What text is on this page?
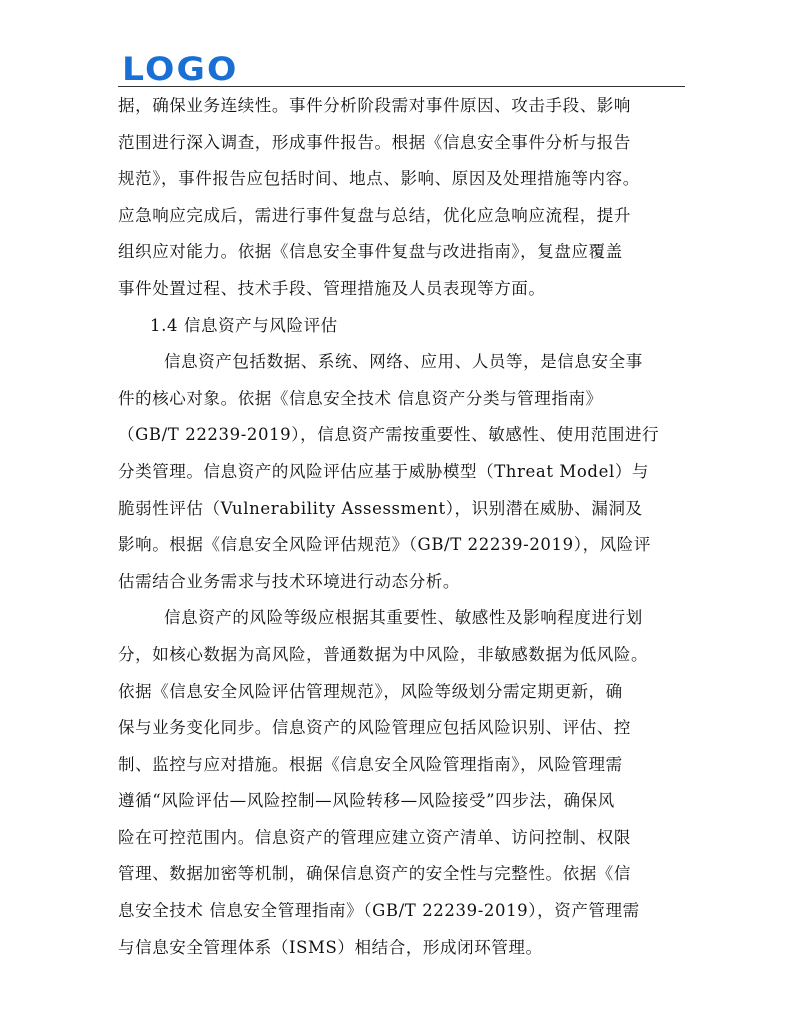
LOGO
据，确保业务连续性。事件分析阶段需对事件原因、攻击手段、影响
范围进行深入调查，形成事件报告。根据《信息安全事件分析与报告
规范》，事件报告应包括时间、地点、影响、原因及处理措施等内容。
应急响应完成后，需进行事件复盘与总结，优化应急响应流程，提升
组织应对能力。依据《信息安全事件复盘与改进指南》，复盘应覆盖
事件处置过程、技术手段、管理措施及人员表现等方面。
1.4 信息资产与风险评估
信息资产包括数据、系统、网络、应用、人员等，是信息安全事
件的核心对象。依据《信息安全技术 信息资产分类与管理指南》
（GB/T 22239-2019），信息资产需按重要性、敏感性、使用范围进行
分类管理。信息资产的风险评估应基于威胁模型（Threat Model）与
脆弱性评估（Vulnerability Assessment），识别潜在威胁、漏洞及
影响。根据《信息安全风险评估规范》（GB/T 22239-2019），风险评
估需结合业务需求与技术环境进行动态分析。
信息资产的风险等级应根据其重要性、敏感性及影响程度进行划
分，如核心数据为高风险，普通数据为中风险，非敏感数据为低风险。
依据《信息安全风险评估管理规范》，风险等级划分需定期更新，确
保与业务变化同步。信息资产的风险管理应包括风险识别、评估、控
制、监控与应对措施。根据《信息安全风险管理指南》，风险管理需
遵循“风险评估—风险控制—风险转移—风险接受”四步法，确保风
险在可控范围内。信息资产的管理应建立资产清单、访问控制、权限
管理、数据加密等机制，确保信息资产的安全性与完整性。依据《信
息安全技术 信息安全管理指南》（GB/T 22239-2019），资产管理需
与信息安全管理体系（ISMS）相结合，形成闭环管理。
